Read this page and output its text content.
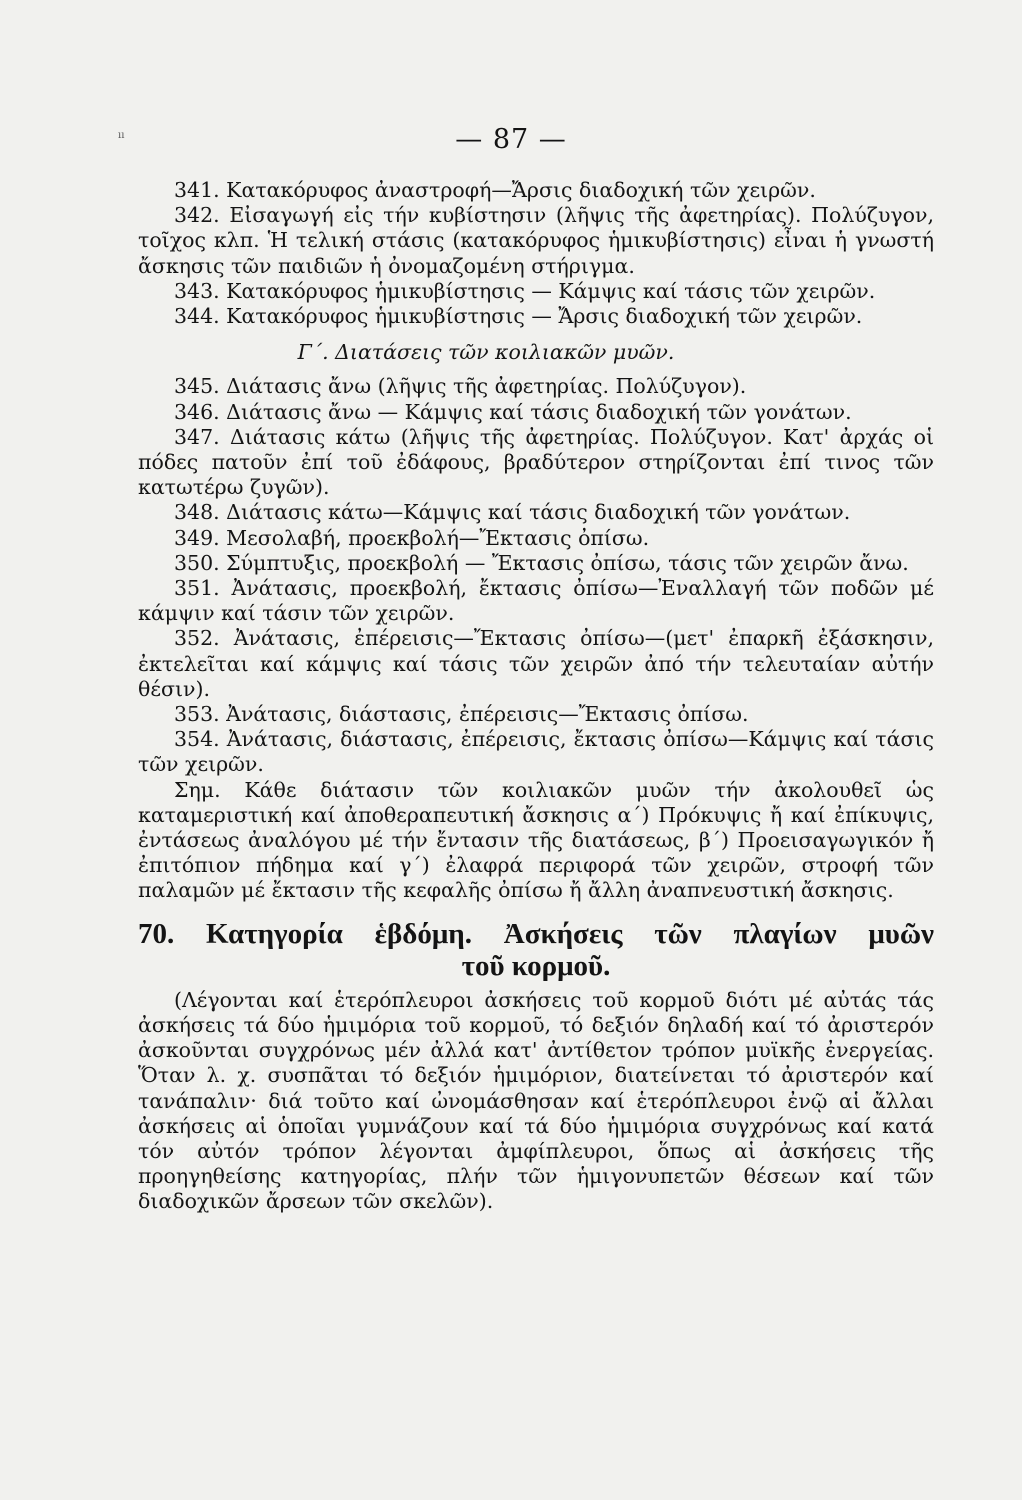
ıı	— 87 —

341. Κατακόρυφος ἀναστροφή—Ἄρσις διαδοχική τῶν χειρῶν.

342. Εἰσαγωγή εἰς τήν κυβίστησιν (λῆψις τῆς ἀφετηρίας). Πολύζυγον, τοῖχος κλπ. Ἡ τελική στάσις (κατακόρυφος ἡμικυβίστησις) εἶναι ἡ γνωστή ἄσκησις τῶν παιδιῶν ἡ ὀνομαζομένη στήριγμα.

343. Κατακόρυφος ἡμικυβίστησις — Κάμψις καί τάσις τῶν χειρῶν.

344. Κατακόρυφος ἡμικυβίστησις — Ἄρσις διαδοχική τῶν χειρῶν.

Γ΄. Διατάσεις τῶν κοιλιακῶν μυῶν.

345. Διάτασις ἄνω (λῆψις τῆς ἀφετηρίας. Πολύζυγον).

346. Διάτασις ἄνω — Κάμψις καί τάσις διαδοχική τῶν γονάτων.

347. Διάτασις κάτω (λῆψις τῆς ἀφετηρίας. Πολύζυγον. Κατ' ἀρχάς οἱ πόδες πατοῦν ἐπί τοῦ ἐδάφους, βραδύτερον στηρίζονται ἐπί τινος τῶν κατωτέρω ζυγῶν).

348. Διάτασις κάτω—Κάμψις καί τάσις διαδοχική τῶν γονάτων.

349. Μεσολαβή, προεκβολή—Ἔκτασις ὀπίσω.

350. Σύμπτυξις, προεκβολή — Ἔκτασις ὀπίσω, τάσις τῶν χειρῶν ἄνω.

351. Ἀνάτασις, προεκβολή, ἔκτασις ὀπίσω—Ἐναλλαγή τῶν ποδῶν μέ κάμψιν καί τάσιν τῶν χειρῶν.

352. Ἀνάτασις, ἐπέρεισις—Ἔκτασις ὀπίσω—(μετ' ἐπαρκῆ ἐξάσκησιν, ἐκτελεῖται καί κάμψις καί τάσις τῶν χειρῶν ἀπό τήν τελευταίαν αὐτήν θέσιν).

353. Ἀνάτασις, διάστασις, ἐπέρεισις—Ἔκτασις ὀπίσω.

354. Ἀνάτασις, διάστασις, ἐπέρεισις, ἔκτασις ὀπίσω—Κάμψις καί τάσις τῶν χειρῶν.

Σημ. Κάθε διάτασιν τῶν κοιλιακῶν μυῶν τήν ἀκολουθεῖ ὡς καταμεριστική καί ἀποθεραπευτική ἄσκησις α΄) Πρόκυψις ἤ καί ἐπίκυψις, ἐντάσεως ἀναλόγου μέ τήν ἔντασιν τῆς διατάσεως, β΄) Προεισαγωγικόν ἤ ἐπιτόπιον πήδημα καί γ΄) ἐλαφρά περιφορά τῶν χειρῶν, στροφή τῶν παλαμῶν μέ ἔκτασιν τῆς κεφαλῆς ὀπίσω ἤ ἄλλη ἀναπνευστική ἄσκησις.

70. Κατηγορία ἑβδόμη. Ἀσκήσεις τῶν πλαγίων μυῶν
τοῦ κορμοῦ.

(Λέγονται καί ἑτερόπλευροι ἀσκήσεις τοῦ κορμοῦ διότι μέ αὐτάς τάς ἀσκήσεις τά δύο ἡμιμόρια τοῦ κορμοῦ, τό δεξιόν δηλαδή καί τό ἀριστερόν ἀσκοῦνται συγχρόνως μέν ἀλλά κατ' ἀντίθετον τρόπον μυϊκῆς ἐνεργείας. Ὅταν λ. χ. συσπᾶται τό δεξιόν ἡμιμόριον, διατείνεται τό ἀριστερόν καί τανάπαλιν· διά τοῦτο καί ὠνομάσθησαν καί ἑτερόπλευροι ἐνῷ αἱ ἄλλαι ἀσκήσεις αἱ ὁποῖαι γυμνάζουν καί τά δύο ἡμιμόρια συγχρόνως καί κατά τόν αὐτόν τρόπον λέγονται ἀμφίπλευροι, ὅπως αἱ ἀσκήσεις τῆς προηγηθείσης κατηγορίας, πλήν τῶν ἡμιγονυπετῶν θέσεων καί τῶν διαδοχικῶν ἄρσεων τῶν σκελῶν).
